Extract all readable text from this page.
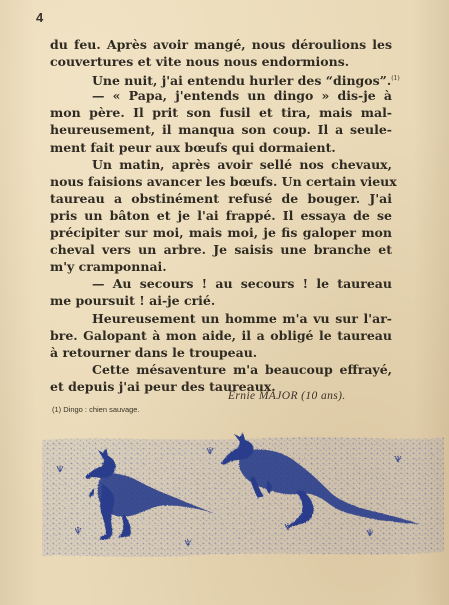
4
du feu. Après avoir mangé, nous déroulions les
couvertures et vite nous nous endormions.
Une nuit, j'ai entendu hurler des “dingos”.$^{(1)}$
— « Papa, j'entends un dingo » dis-je à
mon père. Il prit son fusil et tira, mais mal-
heureusement, il manqua son coup. Il a seule-
ment fait peur aux bœufs qui dormaient.
Un matin, après avoir sellé nos chevaux,
nous faisions avancer les bœufs. Un certain vieux
taureau a obstinément refusé de bouger. J'ai
pris un bâton et je l'ai frappé. Il essaya de se
précipiter sur moi, mais moi, je fis galoper mon
cheval vers un arbre. Je saisis une branche et
m'y cramponnai.
— Au secours ! au secours ! le taureau
me poursuit ! ai-je crié.
Heureusement un homme m'a vu sur l'ar-
bre. Galopant à mon aide, il a obligé le taureau
à retourner dans le troupeau.
Cette mésaventure m'a beaucoup effrayé,
et depuis j'ai peur des taureaux.
Ernie MAJOR (10 ans).
(1) Dingo : chien sauvage.
